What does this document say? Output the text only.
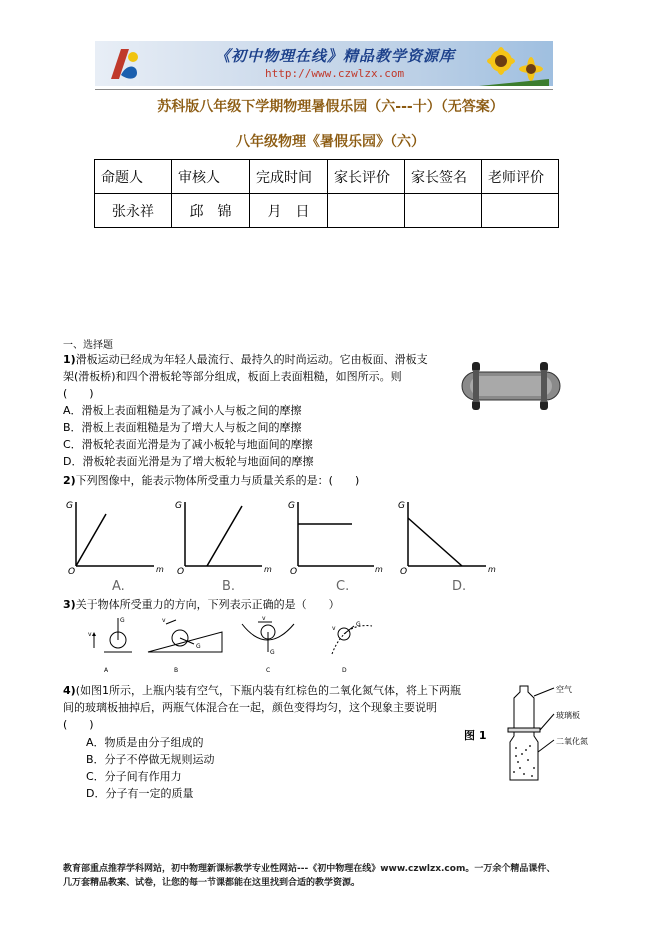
《初中物理在线》精品教学资源库
http://www.czwlzx.com
苏科版八年级下学期物理暑假乐园（六---十）（无答案）
八年级物理《暑假乐园》（六）
命题人	审核人	完成时间	家长评价	家长签名	老师评价
张永祥	邱　锦	月　日			
一、选择题
1)滑板运动已经成为年轻人最流行、最持久的时尚运动。它由板面、滑板支
架(滑板桥)和四个滑板轮等部分组成，板面上表面粗糙，如图所示。则
(　　)
A．滑板上表面粗糙是为了减小人与板之间的摩擦
B．滑板上表面粗糙是为了增大人与板之间的摩擦
C．滑板轮表面光滑是为了减小板轮与地面间的摩擦
D．滑板轮表面光滑是为了增大板轮与地面间的摩擦
2)下列图像中，能表示物体所受重力与质量关系的是：(　　)
G
O	m
A.
G
O	m
B.
G
O	m
C.
G
O	m
D.
3)关于物体所受重力的方向，下列表示正确的是（　　）
v
G
A
v
G
B
v
G
C
G
v
D
4)(如图1所示，上瓶内装有空气，下瓶内装有红棕色的二氧化氮气体，将上下两瓶
间的玻璃板抽掉后，两瓶气体混合在一起，颜色变得均匀，这个现象主要说明
(　　)
A．物质是由分子组成的
B．分子不停做无规则运动
C．分子间有作用力
D．分子有一定的质量
图 1
空气
玻璃板
二氧化氮
教育部重点推荐学科网站，初中物理新课标教学专业性网站---《初中物理在线》www.czwlzx.com。一万余个精品课件、
几万套精品教案、试卷，让您的每一节课都能在这里找到合适的教学资源。
